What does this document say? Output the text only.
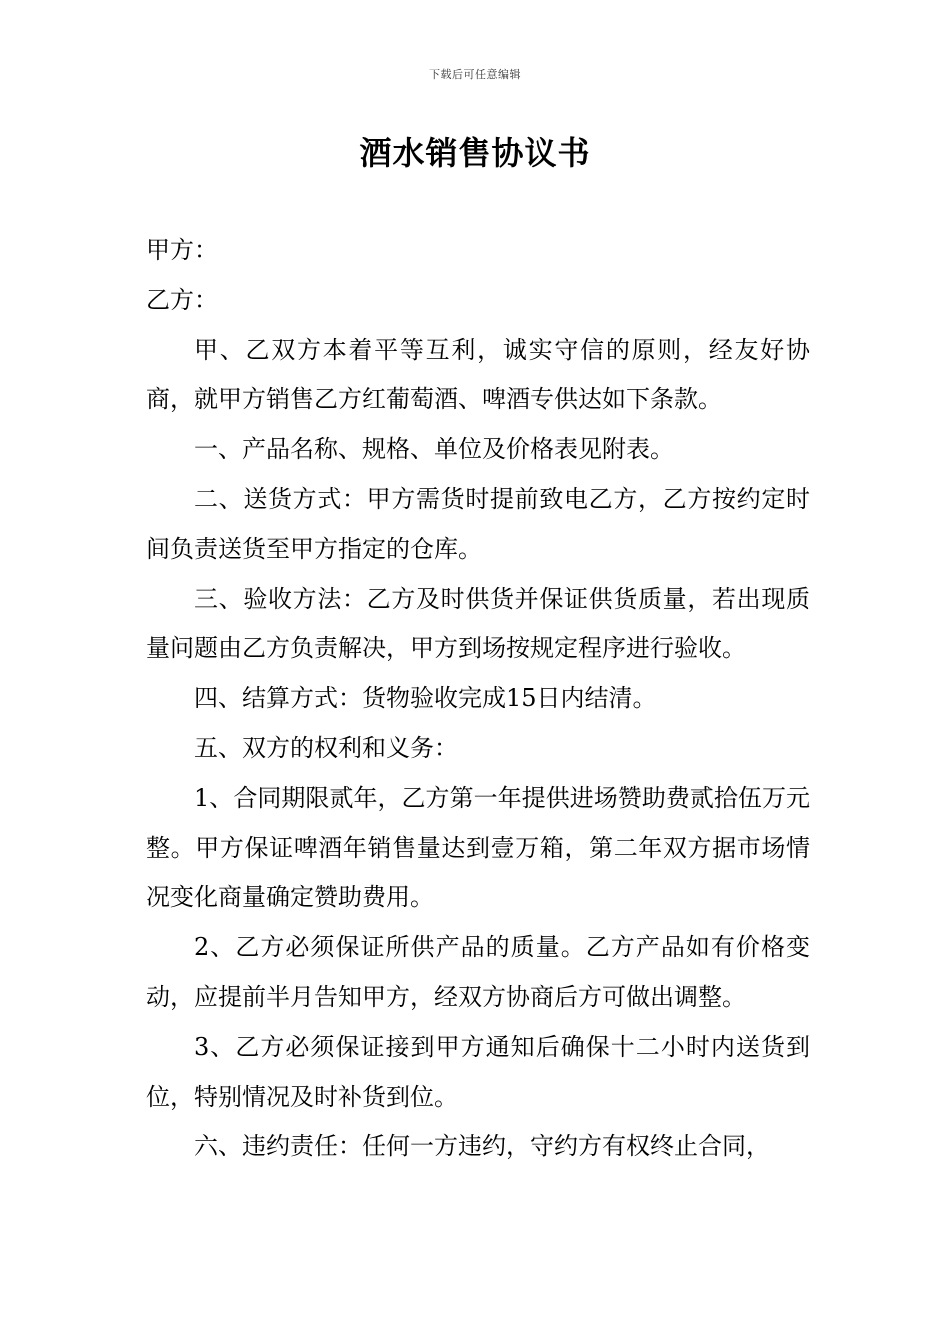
下载后可任意编辑
酒水销售协议书

甲方：

乙方：

甲、乙双方本着平等互利，诚实守信的原则，经友好协商，就甲方销售乙方红葡萄酒、啤酒专供达如下条款。

一、产品名称、规格、单位及价格表见附表。

二、送货方式：甲方需货时提前致电乙方，乙方按约定时间负责送货至甲方指定的仓库。

三、验收方法：乙方及时供货并保证供货质量，若出现质量问题由乙方负责解决，甲方到场按规定程序进行验收。

四、结算方式：货物验收完成15日内结清。

五、双方的权利和义务：

1、合同期限贰年，乙方第一年提供进场赞助费贰拾伍万元整。甲方保证啤酒年销售量达到壹万箱，第二年双方据市场情况变化商量确定赞助费用。

2、乙方必须保证所供产品的质量。乙方产品如有价格变动，应提前半月告知甲方，经双方协商后方可做出调整。

3、乙方必须保证接到甲方通知后确保十二小时内送货到位，特别情况及时补货到位。

六、违约责任：任何一方违约，守约方有权终止合同，
